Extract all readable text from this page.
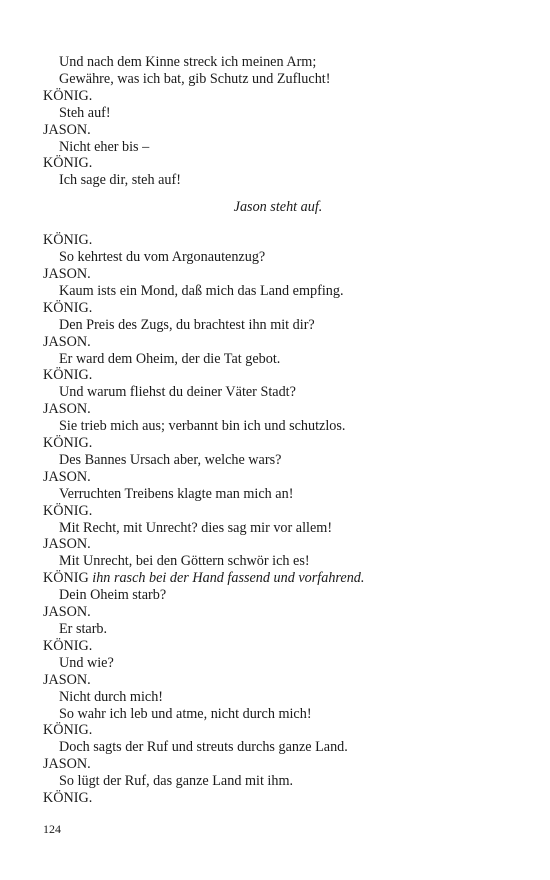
Und nach dem Kinne streck ich meinen Arm;
Gewähre, was ich bat, gib Schutz und Zuflucht!
KÖNIG.
Steh auf!
JASON.
Nicht eher bis –
KÖNIG.
Ich sage dir, steh auf!
Jason steht auf.
KÖNIG.
So kehrtest du vom Argonautenzug?
JASON.
Kaum ists ein Mond, daß mich das Land empfing.
KÖNIG.
Den Preis des Zugs, du brachtest ihn mit dir?
JASON.
Er ward dem Oheim, der die Tat gebot.
KÖNIG.
Und warum fliehst du deiner Väter Stadt?
JASON.
Sie trieb mich aus; verbannt bin ich und schutzlos.
KÖNIG.
Des Bannes Ursach aber, welche wars?
JASON.
Verruchten Treibens klagte man mich an!
KÖNIG.
Mit Recht, mit Unrecht? dies sag mir vor allem!
JASON.
Mit Unrecht, bei den Göttern schwör ich es!
KÖNIG ihn rasch bei der Hand fassend und vorfahrend.
Dein Oheim starb?
JASON.
Er starb.
KÖNIG.
Und wie?
JASON.
Nicht durch mich!
So wahr ich leb und atme, nicht durch mich!
KÖNIG.
Doch sagts der Ruf und streuts durchs ganze Land.
JASON.
So lügt der Ruf, das ganze Land mit ihm.
KÖNIG.
124
